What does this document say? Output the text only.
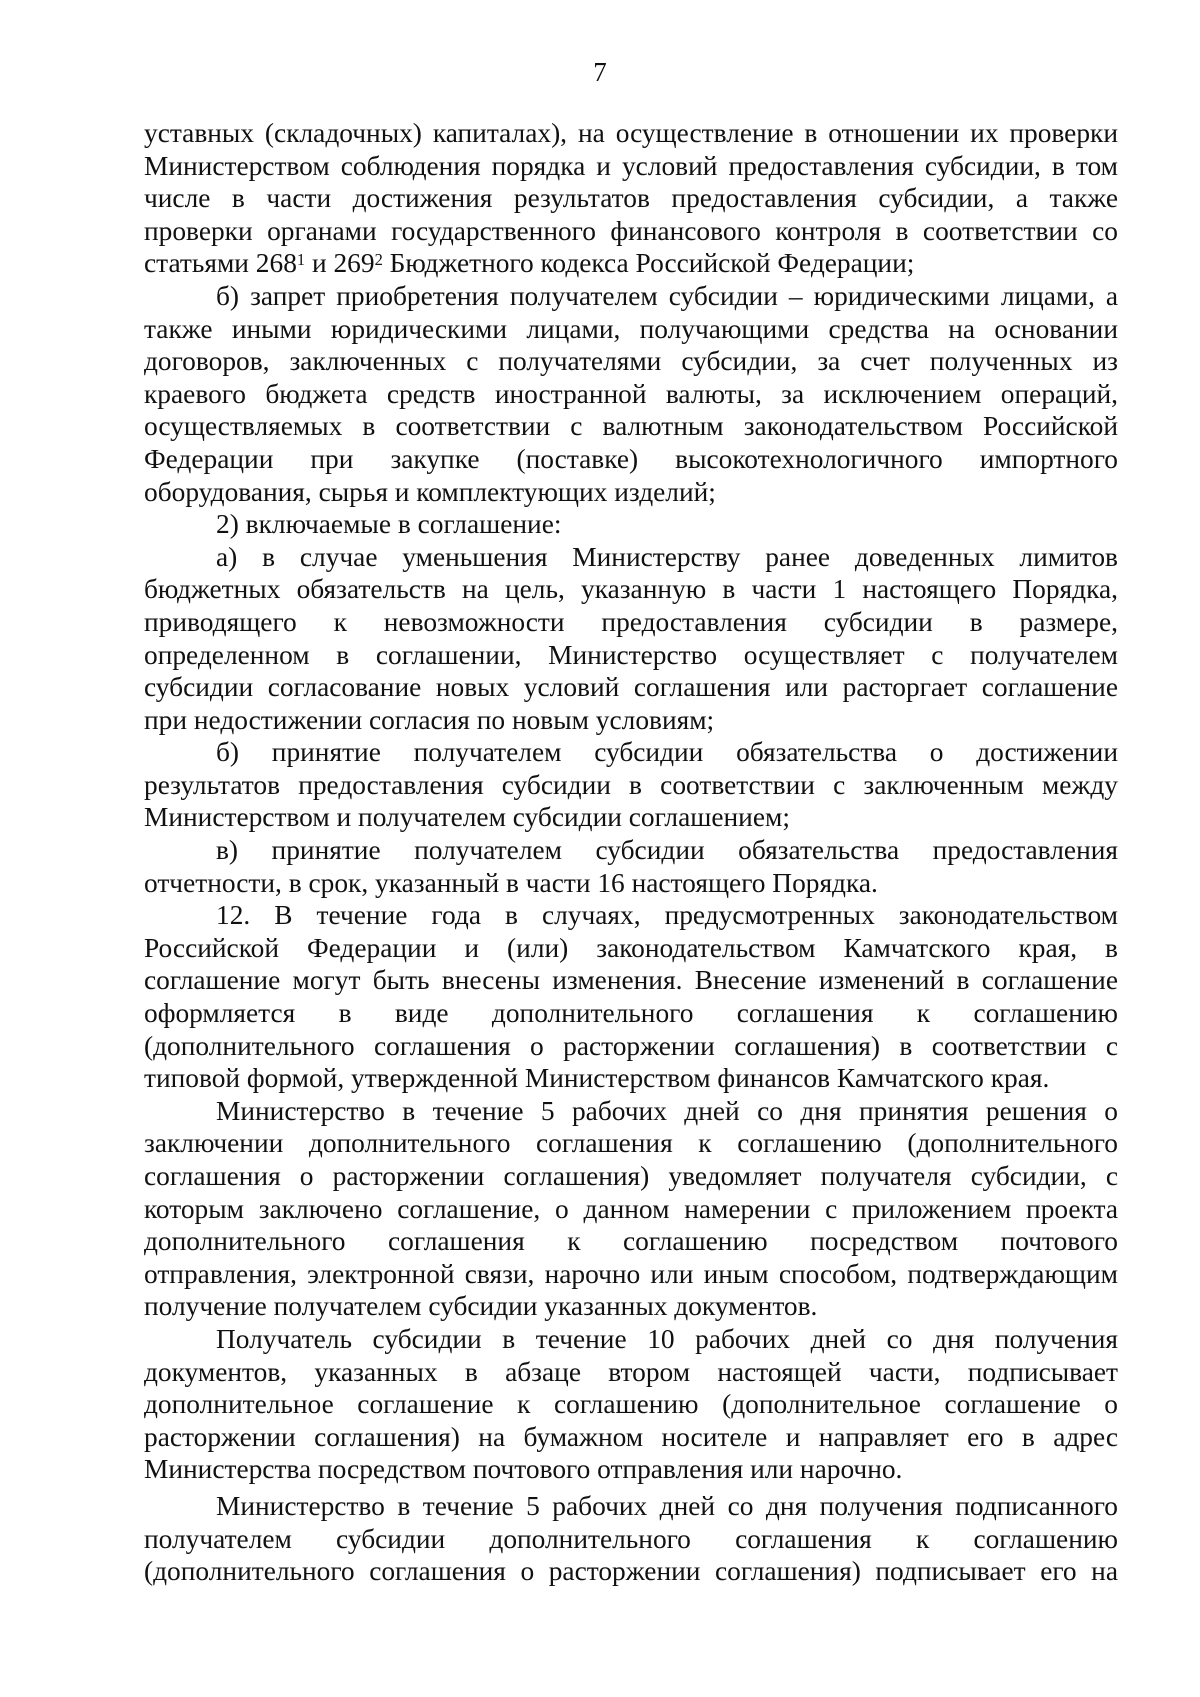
7
уставных (складочных) капиталах), на осуществление в отношении их проверки
Министерством соблюдения порядка и условий предоставления субсидии, в том
числе в части достижения результатов предоставления субсидии, а также
проверки органами государственного финансового контроля в соответствии со
статьями $268^1$ и $269^2$ Бюджетного кодекса Российской Федерации;
б) запрет приобретения получателем субсидии – юридическими лицами, а
также иными юридическими лицами, получающими средства на основании
договоров, заключенных с получателями субсидии, за счет полученных из
краевого бюджета средств иностранной валюты, за исключением операций,
осуществляемых в соответствии с валютным законодательством Российской
Федерации при закупке (поставке) высокотехнологичного импортного
оборудования, сырья и комплектующих изделий;
2) включаемые в соглашение:
а) в случае уменьшения Министерству ранее доведенных лимитов
бюджетных обязательств на цель, указанную в части 1 настоящего Порядка,
приводящего к невозможности предоставления субсидии в размере,
определенном в соглашении, Министерство осуществляет с получателем
субсидии согласование новых условий соглашения или расторгает соглашение
при недостижении согласия по новым условиям;
б) принятие получателем субсидии обязательства о достижении
результатов предоставления субсидии в соответствии с заключенным между
Министерством и получателем субсидии соглашением;
в) принятие получателем субсидии обязательства предоставления
отчетности, в срок, указанный в части 16 настоящего Порядка.
12. В течение года в случаях, предусмотренных законодательством
Российской Федерации и (или) законодательством Камчатского края, в
соглашение могут быть внесены изменения. Внесение изменений в соглашение
оформляется в виде дополнительного соглашения к соглашению
(дополнительного соглашения о расторжении соглашения) в соответствии с
типовой формой, утвержденной Министерством финансов Камчатского края.
Министерство в течение 5 рабочих дней со дня принятия решения о
заключении дополнительного соглашения к соглашению (дополнительного
соглашения о расторжении соглашения) уведомляет получателя субсидии, с
которым заключено соглашение, о данном намерении с приложением проекта
дополнительного соглашения к соглашению посредством почтового
отправления, электронной связи, нарочно или иным способом, подтверждающим
получение получателем субсидии указанных документов.
Получатель субсидии в течение 10 рабочих дней со дня получения
документов, указанных в абзаце втором настоящей части, подписывает
дополнительное соглашение к соглашению (дополнительное соглашение о
расторжении соглашения) на бумажном носителе и направляет его в адрес
Министерства посредством почтового отправления или нарочно.
Министерство в течение 5 рабочих дней со дня получения подписанного
получателем субсидии дополнительного соглашения к соглашению
(дополнительного соглашения о расторжении соглашения) подписывает его на
